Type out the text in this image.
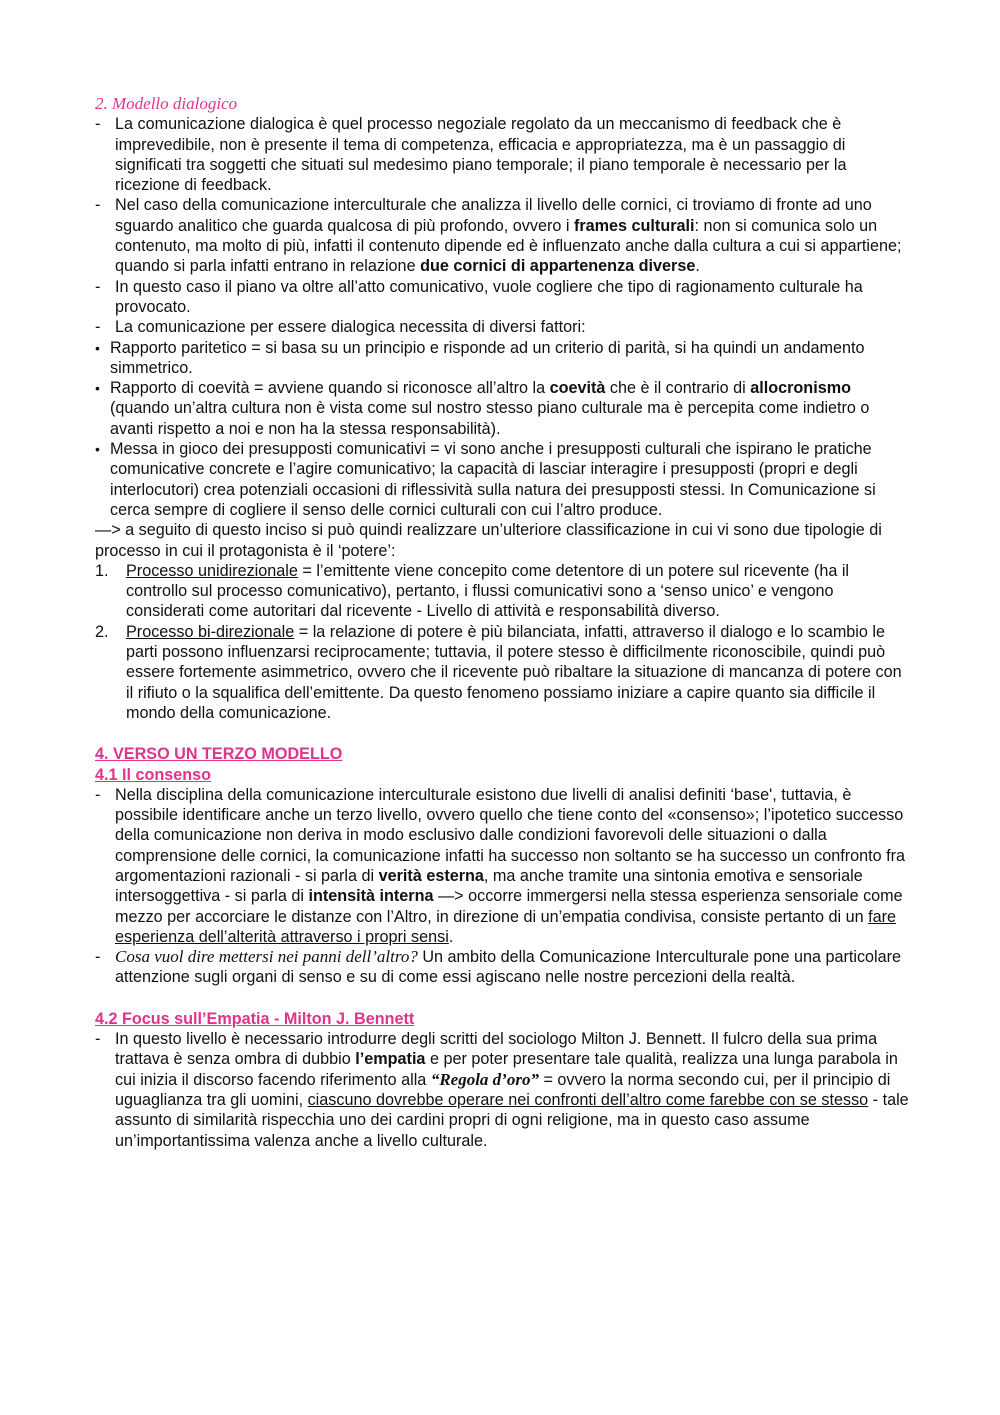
2. Modello dialogico
- La comunicazione dialogica è quel processo negoziale regolato da un meccanismo di feedback che è imprevedibile, non è presente il tema di competenza, efficacia e appropriatezza, ma è un passaggio di significati tra soggetti che situati sul medesimo piano temporale; il piano temporale è necessario per la ricezione di feedback.
- Nel caso della comunicazione interculturale che analizza il livello delle cornici, ci troviamo di fronte ad uno sguardo analitico che guarda qualcosa di più profondo, ovvero i frames culturali: non si comunica solo un contenuto, ma molto di più, infatti il contenuto dipende ed è influenzato anche dalla cultura a cui si appartiene; quando si parla infatti entrano in relazione due cornici di appartenenza diverse.
- In questo caso il piano va oltre all’atto comunicativo, vuole cogliere che tipo di ragionamento culturale ha provocato.
- La comunicazione per essere dialogica necessita di diversi fattori:
• Rapporto paritetico = si basa su un principio e risponde ad un criterio di parità, si ha quindi un andamento simmetrico.
• Rapporto di coevità = avviene quando si riconosce all’altro la coevità che è il contrario di allocronismo (quando un’altra cultura non è vista come sul nostro stesso piano culturale ma è percepita come indietro o avanti rispetto a noi e non ha la stessa responsabilità).
• Messa in gioco dei presupposti comunicativi = vi sono anche i presupposti culturali che ispirano le pratiche comunicative concrete e l’agire comunicativo; la capacità di lasciar interagire i presupposti (propri e degli interlocutori) crea potenziali occasioni di riflessività sulla natura dei presupposti stessi. In Comunicazione si cerca sempre di cogliere il senso delle cornici culturali con cui l’altro produce.
—> a seguito di questo inciso si può quindi realizzare un’ulteriore classificazione in cui vi sono due tipologie di processo in cui il protagonista è il ‘potere’:
1. Processo unidirezionale = l’emittente viene concepito come detentore di un potere sul ricevente (ha il controllo sul processo comunicativo), pertanto, i flussi comunicativi sono a ‘senso unico’ e vengono considerati come autoritari dal ricevente - Livello di attività e responsabilità diverso.
2. Processo bi-direzionale = la relazione di potere è più bilanciata, infatti, attraverso il dialogo e lo scambio le parti possono influenzarsi reciprocamente; tuttavia, il potere stesso è difficilmente riconoscibile, quindi può essere fortemente asimmetrico, ovvero che il ricevente può ribaltare la situazione di mancanza di potere con il rifiuto o la squalifica dell’emittente. Da questo fenomeno possiamo iniziare a capire quanto sia difficile il mondo della comunicazione.
4. VERSO UN TERZO MODELLO
4.1 Il consenso
- Nella disciplina della comunicazione interculturale esistono due livelli di analisi definiti ‘base', tuttavia, è possibile identificare anche un terzo livello, ovvero quello che tiene conto del «consenso»; l’ipotetico successo della comunicazione non deriva in modo esclusivo dalle condizioni favorevoli delle situazioni o dalla comprensione delle cornici, la comunicazione infatti ha successo non soltanto se ha successo un confronto fra argomentazioni razionali - si parla di verità esterna, ma anche tramite una sintonia emotiva e sensoriale intersoggettiva - si parla di intensità interna —> occorre immergersi nella stessa esperienza sensoriale come mezzo per accorciare le distanze con l’Altro, in direzione di un’empatia condivisa, consiste pertanto di un fare esperienza dell’alterità attraverso i propri sensi.
- Cosa vuol dire mettersi nei panni dell’altro? Un ambito della Comunicazione Interculturale pone una particolare attenzione sugli organi di senso e su di come essi agiscano nelle nostre percezioni della realtà.
4.2 Focus sull’Empatia - Milton J. Bennett
- In questo livello è necessario introdurre degli scritti del sociologo Milton J. Bennett. Il fulcro della sua prima trattava è senza ombra di dubbio l’empatia e per poter presentare tale qualità, realizza una lunga parabola in cui inizia il discorso facendo riferimento alla “Regola d’oro” = ovvero la norma secondo cui, per il principio di uguaglianza tra gli uomini, ciascuno dovrebbe operare nei confronti dell’altro come farebbe con se stesso - tale assunto di similarità rispecchia uno dei cardini propri di ogni religione, ma in questo caso assume un’importantissima valenza anche a livello culturale.
